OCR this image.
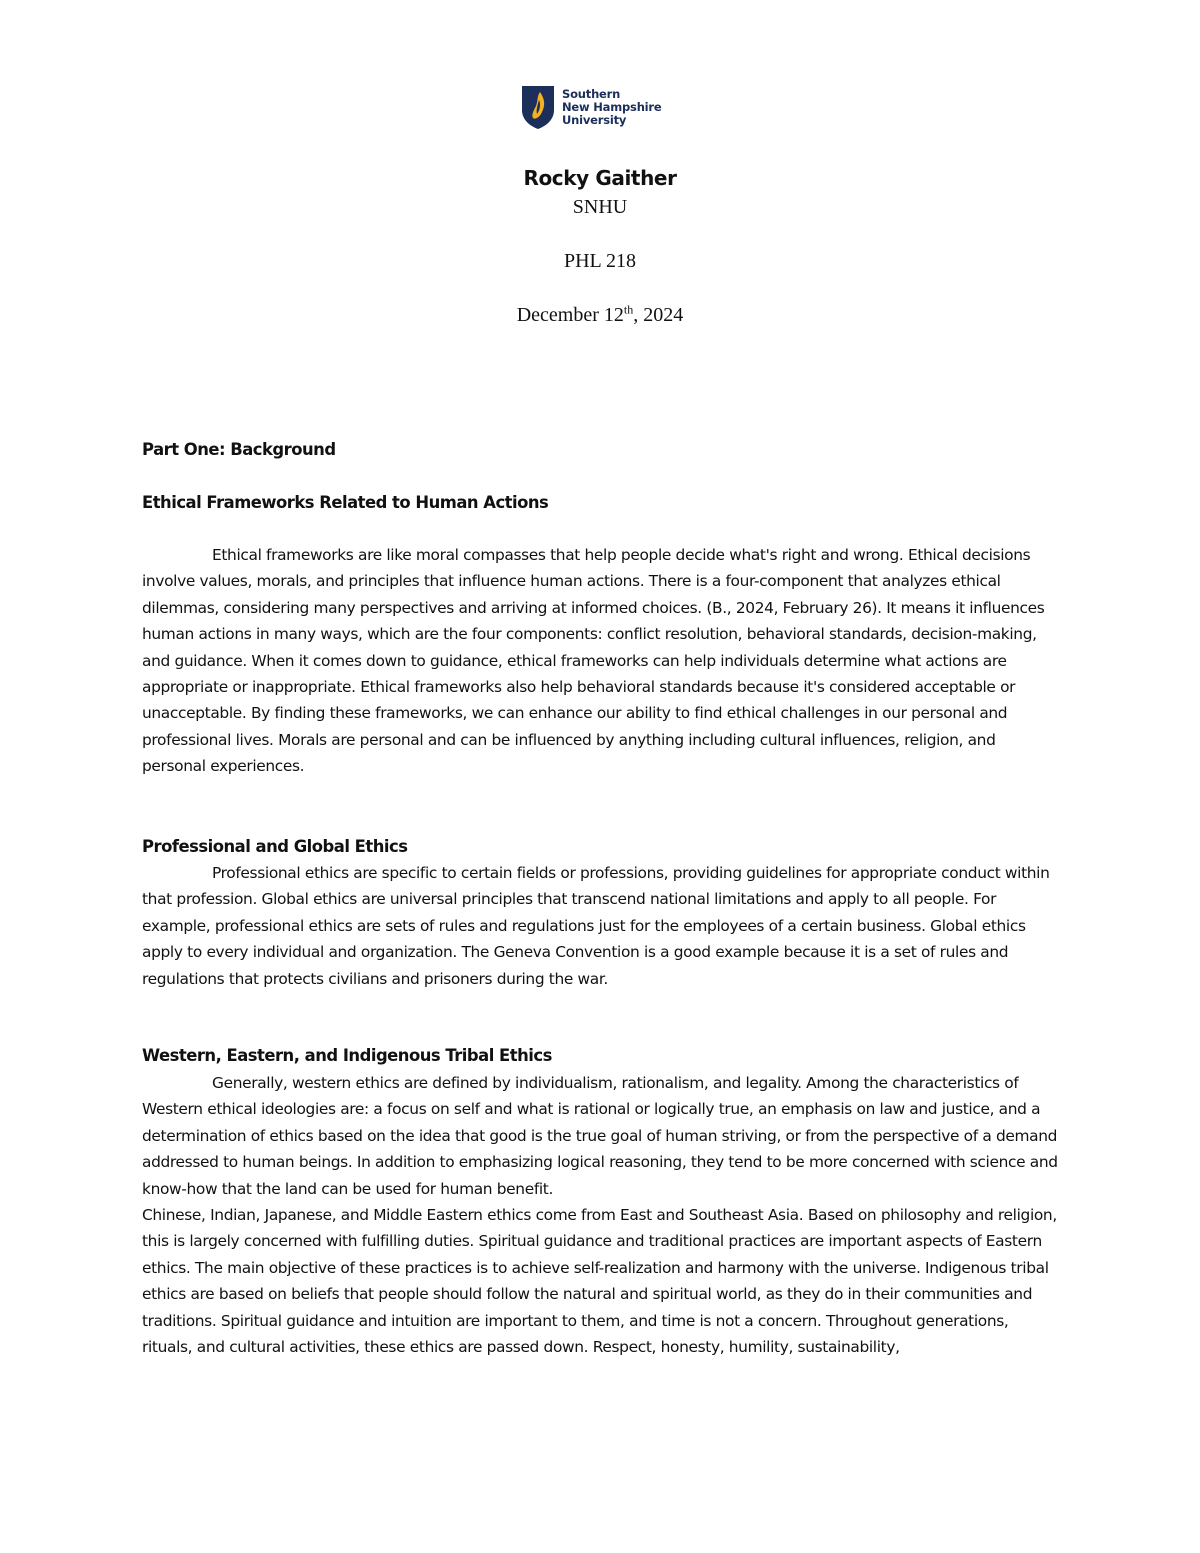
Southern
New Hampshire
University
Rocky Gaither
SNHU
PHL 218
December 12th, 2024

Part One: Background

Ethical Frameworks Related to Human Actions

Ethical frameworks are like moral compasses that help people decide what's right and wrong. Ethical decisions involve values, morals, and principles that influence human actions. There is a four-component that analyzes ethical dilemmas, considering many perspectives and arriving at informed choices. (B., 2024, February 26). It means it influences human actions in many ways, which are the four components: conflict resolution, behavioral standards, decision-making, and guidance. When it comes down to guidance, ethical frameworks can help individuals determine what actions are appropriate or inappropriate. Ethical frameworks also help behavioral standards because it's considered acceptable or unacceptable. By finding these frameworks, we can enhance our ability to find ethical challenges in our personal and professional lives. Morals are personal and can be influenced by anything including cultural influences, religion, and personal experiences.

Professional and Global Ethics

Professional ethics are specific to certain fields or professions, providing guidelines for appropriate conduct within that profession. Global ethics are universal principles that transcend national limitations and apply to all people. For example, professional ethics are sets of rules and regulations just for the employees of a certain business. Global ethics apply to every individual and organization. The Geneva Convention is a good example because it is a set of rules and regulations that protects civilians and prisoners during the war.

Western, Eastern, and Indigenous Tribal Ethics

Generally, western ethics are defined by individualism, rationalism, and legality. Among the characteristics of Western ethical ideologies are: a focus on self and what is rational or logically true, an emphasis on law and justice, and a determination of ethics based on the idea that good is the true goal of human striving, or from the perspective of a demand addressed to human beings. In addition to emphasizing logical reasoning, they tend to be more concerned with science and know-how that the land can be used for human benefit.

Chinese, Indian, Japanese, and Middle Eastern ethics come from East and Southeast Asia. Based on philosophy and religion, this is largely concerned with fulfilling duties. Spiritual guidance and traditional practices are important aspects of Eastern ethics. The main objective of these practices is to achieve self-realization and harmony with the universe. Indigenous tribal ethics are based on beliefs that people should follow the natural and spiritual world, as they do in their communities and traditions. Spiritual guidance and intuition are important to them, and time is not a concern. Throughout generations, rituals, and cultural activities, these ethics are passed down. Respect, honesty, humility, sustainability,
